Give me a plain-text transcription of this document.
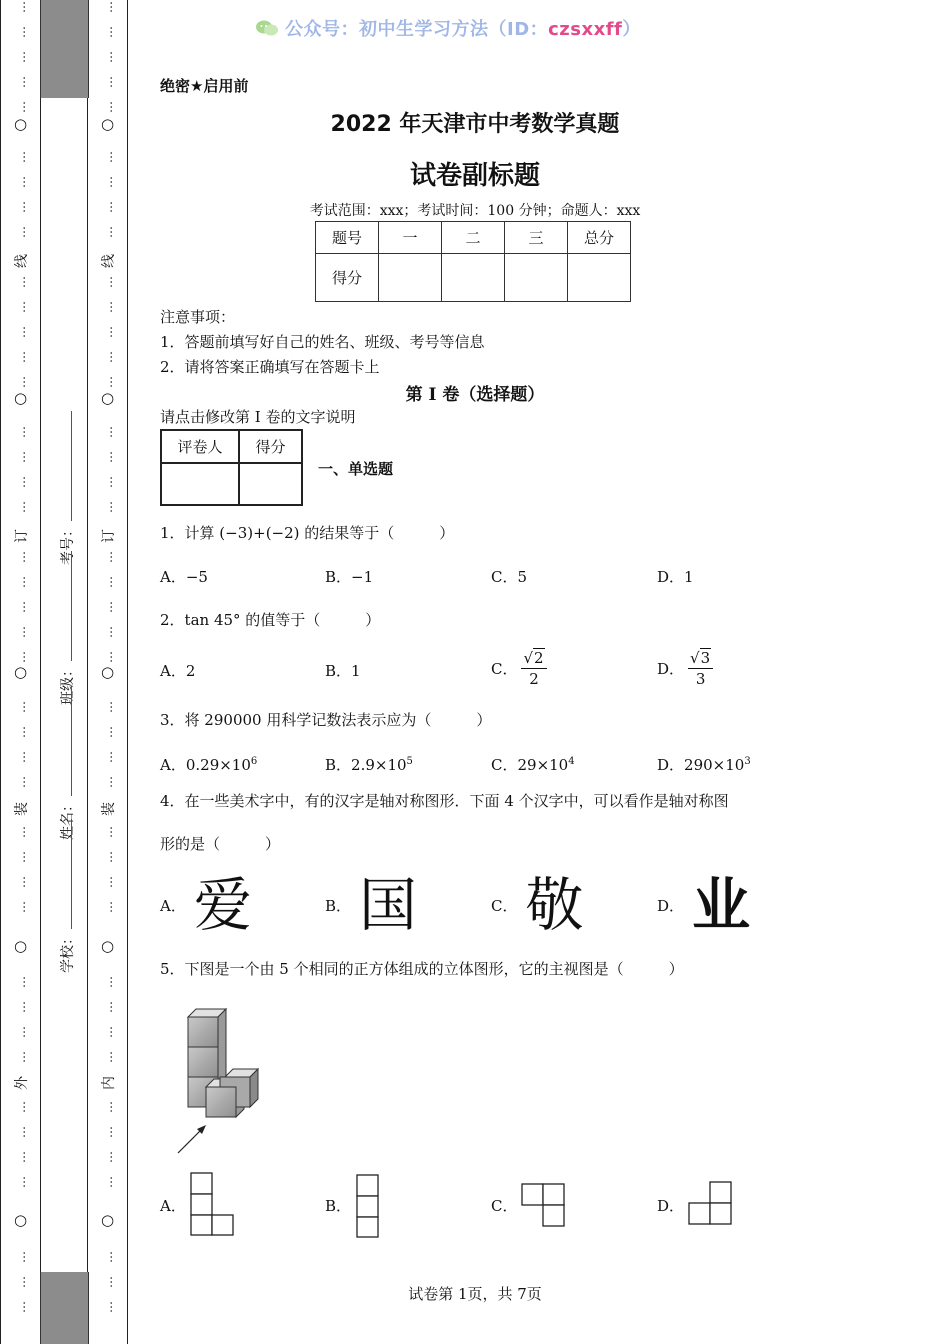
…
…
…
…
…
…
…
…
…
…
…
…
…
…
…
…
…
…
…
…
…
…
…
…
…
…
…
…
…
…
…
…
…
…
…
…
…
…
…
…
…
…
○
○
○
○
○
线
订
装
外
…
…
…
…
…
…
…
…
…
…
…
…
…
…
…
…
…
…
…
…
…
…
…
…
…
…
…
…
…
…
…
…
…
…
…
…
…
…
…
…
…
…
○
○
○
○
○
线
订
装
内
考号：
班级：
姓名：
学校：
公众号：初中生学习方法（ID：czsxxff）
绝密★启用前
2022 年天津市中考数学真题
试卷副标题
考试范围：xxx；考试时间：100 分钟；命题人：xxx
题号	一	二	三	总分
得分				
注意事项：
1．答题前填写好自己的姓名、班级、考号等信息
2．请将答案正确填写在答题卡上
第 I 卷（选择题）
请点击修改第 I 卷的文字说明
评卷人	得分

一、单选题
1．计算 (−3)+(−2) 的结果等于（　　　）
A．−5	B．−1	C．5	D．1
2．tan 45° 的值等于（　　　）
A．2	B．1	C． $\frac{√2}{2}$	D． $\frac{√3}{3}$
3．将 290000 用科学记数法表示应为（　　　）
A．$0.29\times 10^6$	B．$2.9\times 10^5$	C．$29\times 10^4$	D．$290\times 10^3$
4．在一些美术字中，有的汉字是轴对称图形．下面 4 个汉字中，可以看作是轴对称图
形的是（　　　）
A． 爱	B． 国	C． 敬	D． 业
5．下图是一个由 5 个相同的正方体组成的立体图形，它的主视图是（　　　）
A．	B．	C．	D．
试卷第 1页，共 7页
